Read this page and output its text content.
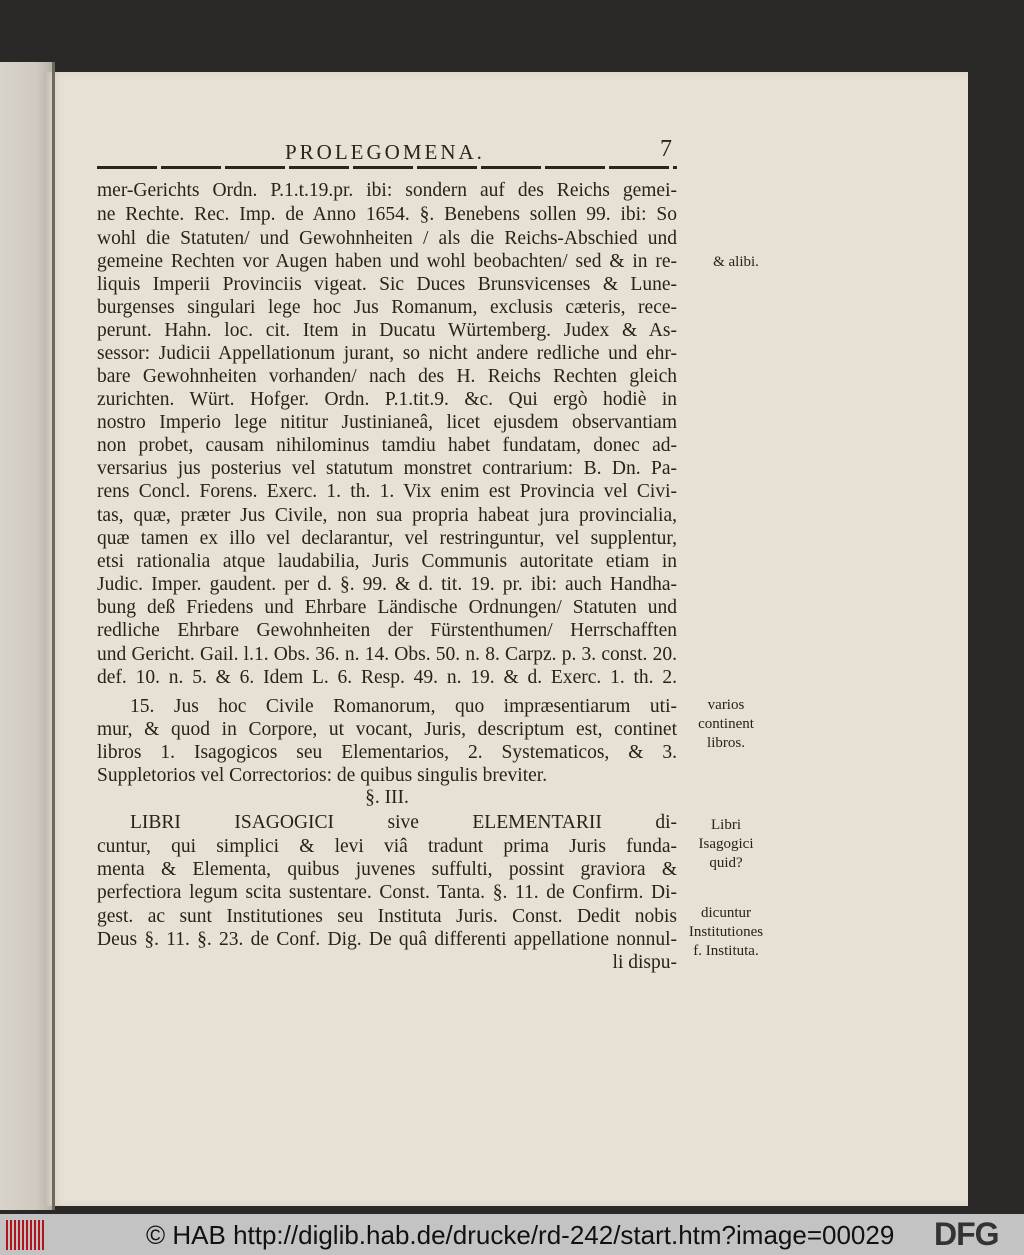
PROLEGOMENA.	7
mer-Gerichts Ordn. P.1.t.19.pr. ibi: sondern auf des Reichs gemei-
ne Rechte. Rec. Imp. de Anno 1654. §. Benebens sollen 99. ibi: So
wohl die Statuten/ und Gewohnheiten / als die Reichs-Abschied und
gemeine Rechten vor Augen haben und wohl beobachten/ sed & in re-
liquis Imperii Provinciis vigeat. Sic Duces Brunsvicenses & Lune-
burgenses singulari lege hoc Jus Romanum, exclusis cæteris, rece-
perunt. Hahn. loc. cit. Item in Ducatu Würtemberg. Judex & As-
sessor: Judicii Appellationum jurant, so nicht andere redliche und ehr-
bare Gewohnheiten vorhanden/ nach des H. Reichs Rechten gleich
zurichten. Würt. Hofger. Ordn. P.1.tit.9. &c. Qui ergò hodiè in
nostro Imperio lege nititur Justinianeâ, licet ejusdem observantiam
non probet, causam nihilominus tamdiu habet fundatam, donec ad-
versarius jus posterius vel statutum monstret contrarium: B. Dn. Pa-
rens Concl. Forens. Exerc. 1. th. 1. Vix enim est Provincia vel Civi-
tas, quæ, præter Jus Civile, non sua propria habeat jura provincialia,
quæ tamen ex illo vel declarantur, vel restringuntur, vel supplentur,
etsi rationalia atque laudabilia, Juris Communis autoritate etiam in
Judic. Imper. gaudent. per d. §. 99. & d. tit. 19. pr. ibi: auch Handha-
bung deß Friedens und Ehrbare Ländische Ordnungen/ Statuten und
redliche Ehrbare Gewohnheiten der Fürstenthumen/ Herrschafften
und Gericht. Gail. l.1. Obs. 36. n. 14. Obs. 50. n. 8. Carpz. p. 3. const. 20.
def. 10. n. 5. & 6. Idem L. 6. Resp. 49. n. 19. & d. Exerc. 1. th. 2.
15. Jus hoc Civile Romanorum, quo impræsentiarum uti-
mur, & quod in Corpore, ut vocant, Juris, descriptum est, continet
libros 1. Isagogicos seu Elementarios, 2. Systematicos, & 3.
Suppletorios vel Correctorios: de quibus singulis breviter.
§. III.
LIBRI ISAGOGICI sive ELEMENTARII di-
cuntur, qui simplici & levi viâ tradunt prima Juris funda-
menta & Elementa, quibus juvenes suffulti, possint graviora &
perfectiora legum scita sustentare. Const. Tanta. §. 11. de Confirm. Di-
gest. ac sunt Institutiones seu Instituta Juris. Const. Dedit nobis
Deus §. 11. §. 23. de Conf. Dig. De quâ differenti appellatione nonnul-
li dispu-
& alibi.
varios continent libros.
Libri Isagogici quid?
dicuntur Institutiones f. Instituta.
© HAB http://diglib.hab.de/drucke/rd-242/start.htm?image=00029 DFG
